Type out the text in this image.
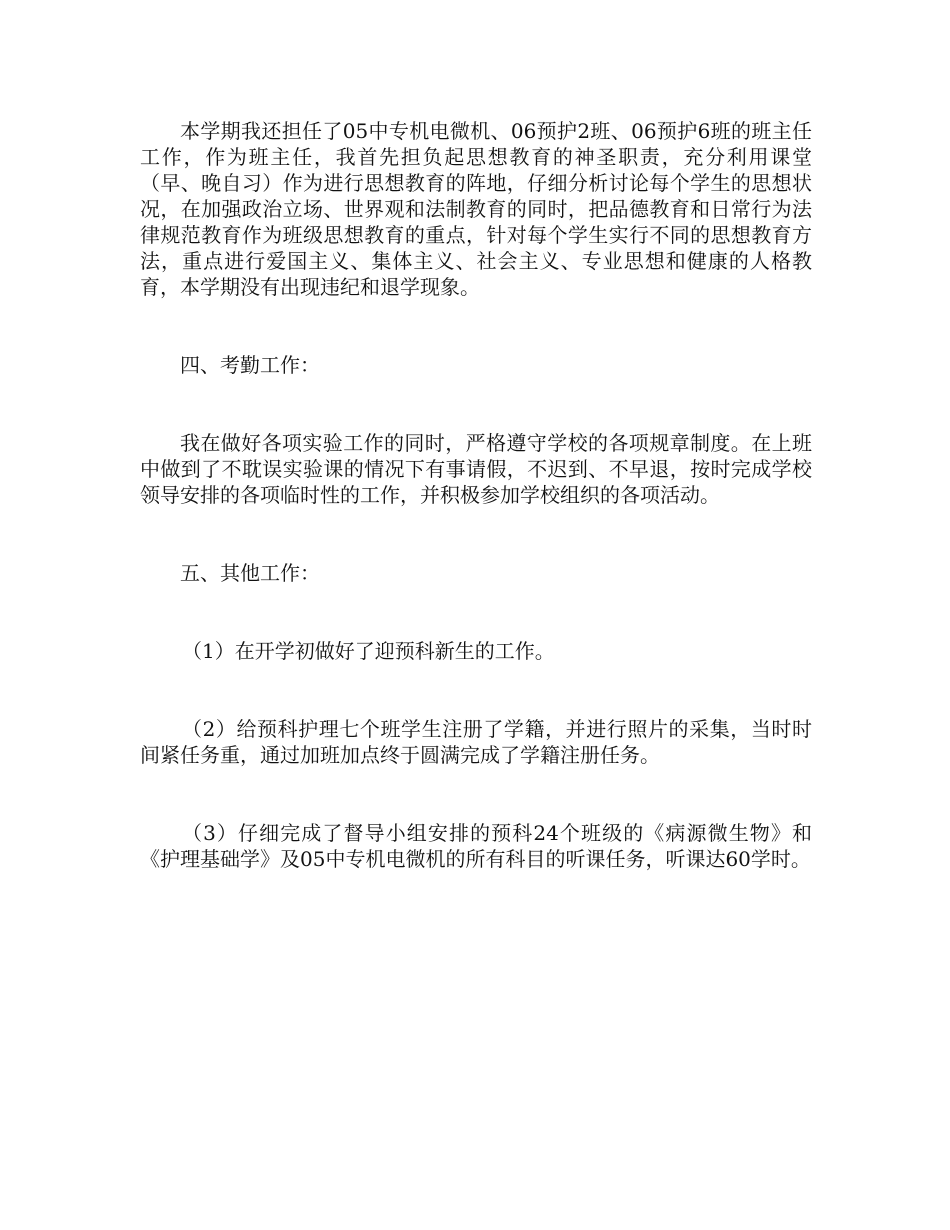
本学期我还担任了05中专机电微机、06预护2班、06预护6班的班主任工作，作为班主任，我首先担负起思想教育的神圣职责，充分利用课堂（早、晚自习）作为进行思想教育的阵地，仔细分析讨论每个学生的思想状况，在加强政治立场、世界观和法制教育的同时，把品德教育和日常行为法律规范教育作为班级思想教育的重点，针对每个学生实行不同的思想教育方法，重点进行爱国主义、集体主义、社会主义、专业思想和健康的人格教育，本学期没有出现违纪和退学现象。

四、考勤工作：

我在做好各项实验工作的同时，严格遵守学校的各项规章制度。在上班中做到了不耽误实验课的情况下有事请假，不迟到、不早退，按时完成学校领导安排的各项临时性的工作，并积极参加学校组织的各项活动。

五、其他工作：

（1）在开学初做好了迎预科新生的工作。

（2）给预科护理七个班学生注册了学籍，并进行照片的采集，当时时间紧任务重，通过加班加点终于圆满完成了学籍注册任务。

（3）仔细完成了督导小组安排的预科24个班级的《病源微生物》和《护理基础学》及05中专机电微机的所有科目的听课任务，听课达60学时。
